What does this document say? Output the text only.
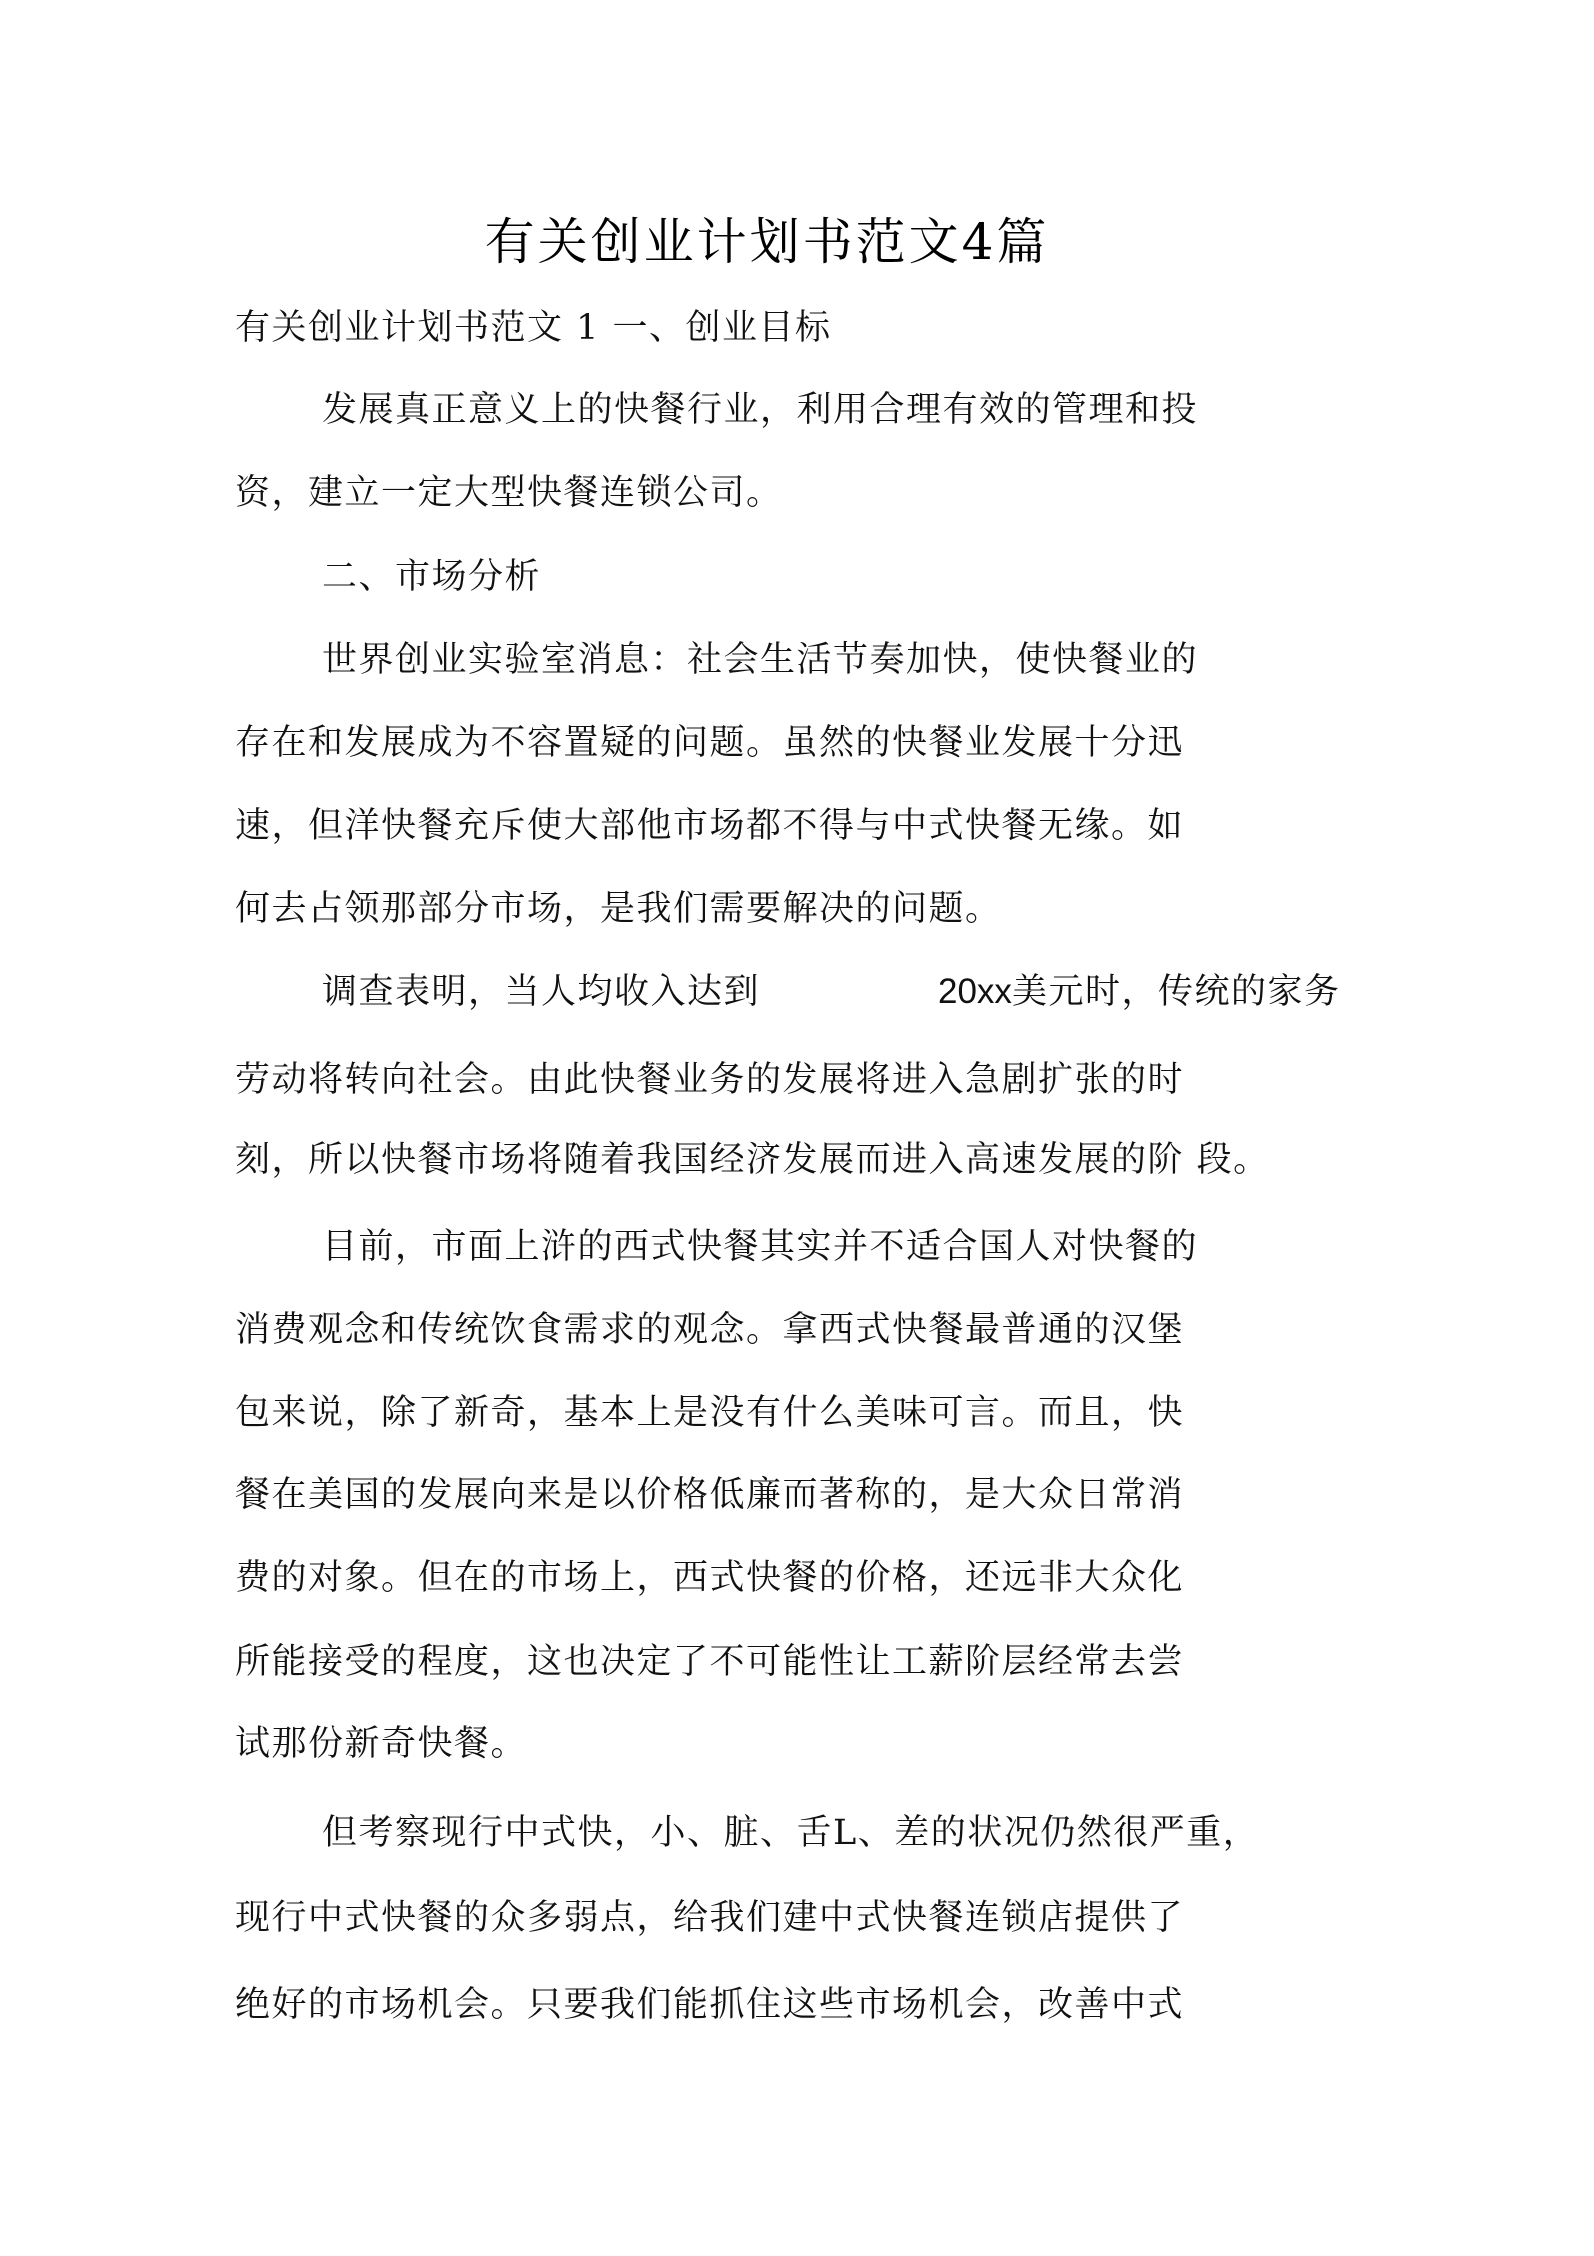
有关创业计划书范文4篇
有关创业计划书范文 1 一、创业目标
发展真正意义上的快餐行业，利用合理有效的管理和投
资，建立一定大型快餐连锁公司。
二、市场分析
世界创业实验室消息：社会生活节奏加快，使快餐业的
存在和发展成为不容置疑的问题。虽然的快餐业发展十分迅
速，但洋快餐充斥使大部他市场都不得与中式快餐无缘。如
何去占领那部分市场，是我们需要解决的问题。
调查表明，当人均收入达到	20xx美元时，传统的家务
劳动将转向社会。由此快餐业务的发展将进入急剧扩张的时
刻，所以快餐市场将随着我国经济发展而进入高速发展的阶 段。
目前，市面上浒的西式快餐其实并不适合国人对快餐的
消费观念和传统饮食需求的观念。拿西式快餐最普通的汉堡
包来说，除了新奇，基本上是没有什么美味可言。而且，快
餐在美国的发展向来是以价格低廉而著称的，是大众日常消
费的对象。但在的市场上，西式快餐的价格，还远非大众化
所能接受的程度，这也决定了不可能性让工薪阶层经常去尝
试那份新奇快餐。
但考察现行中式快，小、脏、舌L、差的状况仍然很严重，
现行中式快餐的众多弱点，给我们建中式快餐连锁店提供了
绝好的市场机会。只要我们能抓住这些市场机会，改善中式
